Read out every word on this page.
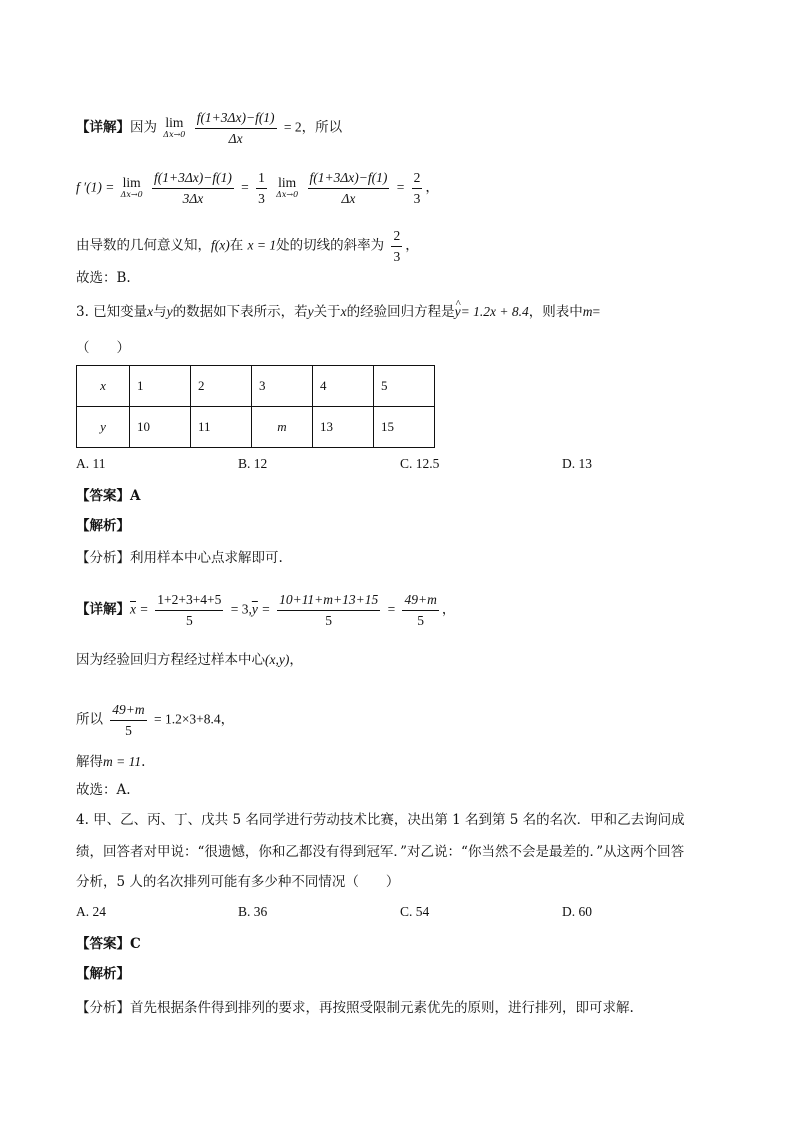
【详解】因为 lim
Δx→0
$\frac{f(1+3\Delta x)-f(1)}{\Delta x} = 2$，所以
f ′(1) = lim
Δx→0
$\frac{f(1+3\Delta x)-f(1)}{3\Delta x} = \frac{1}{3}$
lim
Δx→0
$\frac{f(1+3\Delta x)-f(1)}{\Delta x} = \frac{2}{3}$ ，
由导数的几何意义知，f(x)在 x = 1处的切线的斜率为 $\frac{2}{3}$ ，
故选：B.
3. 已知变量x与y的数据如下表所示，若y关于x的经验回归方程是^ y= 1.2x + 8.4，则表中m=
（　　）
x	1	2	3	4	5
y	10	11	m	13	15
A. 11	B. 12	C. 12.5	D. 13
【答案】A
【解析】
【分析】利用样本中心点求解即可.
【详解】$\overline{x} = \frac{1+2+3+4+5}{5} = 3,\overline{y} = \frac{10+11+m+13+15}{5} = \frac{49+m}{5}$ ，
因为经验回归方程经过样本中心(x,y)，
所以 $\frac{49+m}{5} = 1.2\times 3+8.4$，
解得m = 11.
故选：A.
4. 甲、乙、丙、丁、戊共 5 名同学进行劳动技术比赛，决出第 1 名到第 5 名的名次．甲和乙去询问成
绩，回答者对甲说：“很遗憾，你和乙都没有得到冠军．”对乙说：“你当然不会是最差的．”从这两个回答
分析，5 人的名次排列可能有多少种不同情况（　　）
A. 24	B. 36	C. 54	D. 60
【答案】C
【解析】
【分析】首先根据条件得到排列的要求，再按照受限制元素优先的原则，进行排列，即可求解.
